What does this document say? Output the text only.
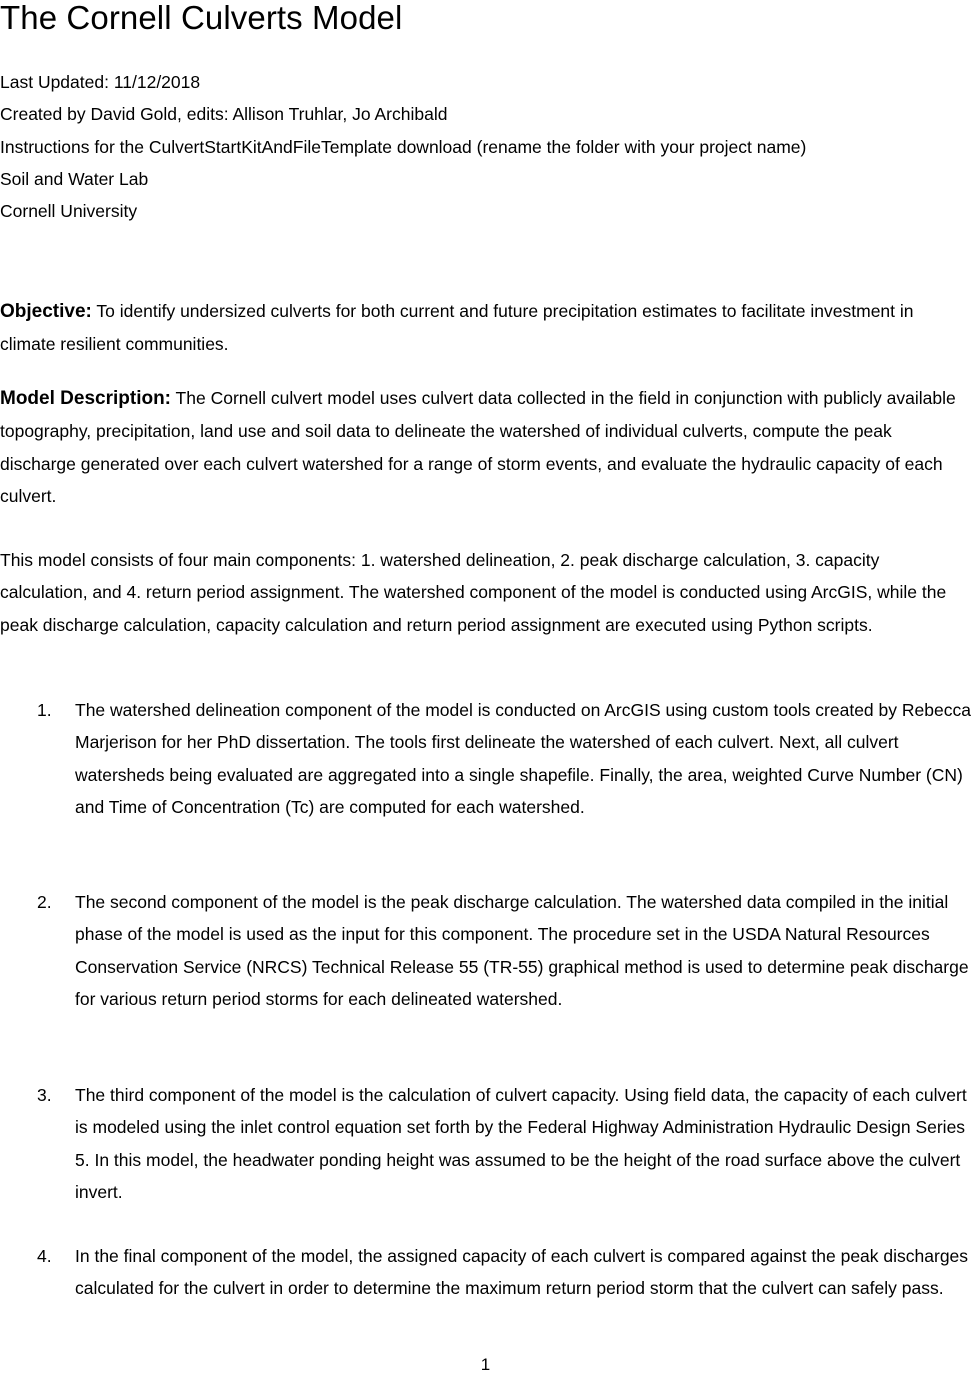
The Cornell Culverts Model
Last Updated: 11/12/2018
Created by David Gold, edits: Allison Truhlar, Jo Archibald
Instructions for the CulvertStartKitAndFileTemplate download (rename the folder with your project name)
Soil and Water Lab
Cornell University

Objective: To identify undersized culverts for both current and future precipitation estimates to facilitate investment in climate resilient communities.

Model Description: The Cornell culvert model uses culvert data collected in the field in conjunction with publicly available topography, precipitation, land use and soil data to delineate the watershed of individual culverts, compute the peak discharge generated over each culvert watershed for a range of storm events, and evaluate the hydraulic capacity of each culvert.

This model consists of four main components: 1. watershed delineation, 2. peak discharge calculation, 3. capacity calculation, and 4. return period assignment. The watershed component of the model is conducted using ArcGIS, while the peak discharge calculation, capacity calculation and return period assignment are executed using Python scripts.

1. The watershed delineation component of the model is conducted on ArcGIS using custom tools created by Rebecca Marjerison for her PhD dissertation. The tools first delineate the watershed of each culvert. Next, all culvert watersheds being evaluated are aggregated into a single shapefile. Finally, the area, weighted Curve Number (CN) and Time of Concentration (Tc) are computed for each watershed.
2. The second component of the model is the peak discharge calculation. The watershed data compiled in the initial phase of the model is used as the input for this component. The procedure set in the USDA Natural Resources Conservation Service (NRCS) Technical Release 55 (TR-55) graphical method is used to determine peak discharge for various return period storms for each delineated watershed.
3. The third component of the model is the calculation of culvert capacity. Using field data, the capacity of each culvert is modeled using the inlet control equation set forth by the Federal Highway Administration Hydraulic Design Series 5. In this model, the headwater ponding height was assumed to be the height of the road surface above the culvert invert.
4. In the final component of the model, the assigned capacity of each culvert is compared against the peak discharges calculated for the culvert in order to determine the maximum return period storm that the culvert can safely pass.
1
